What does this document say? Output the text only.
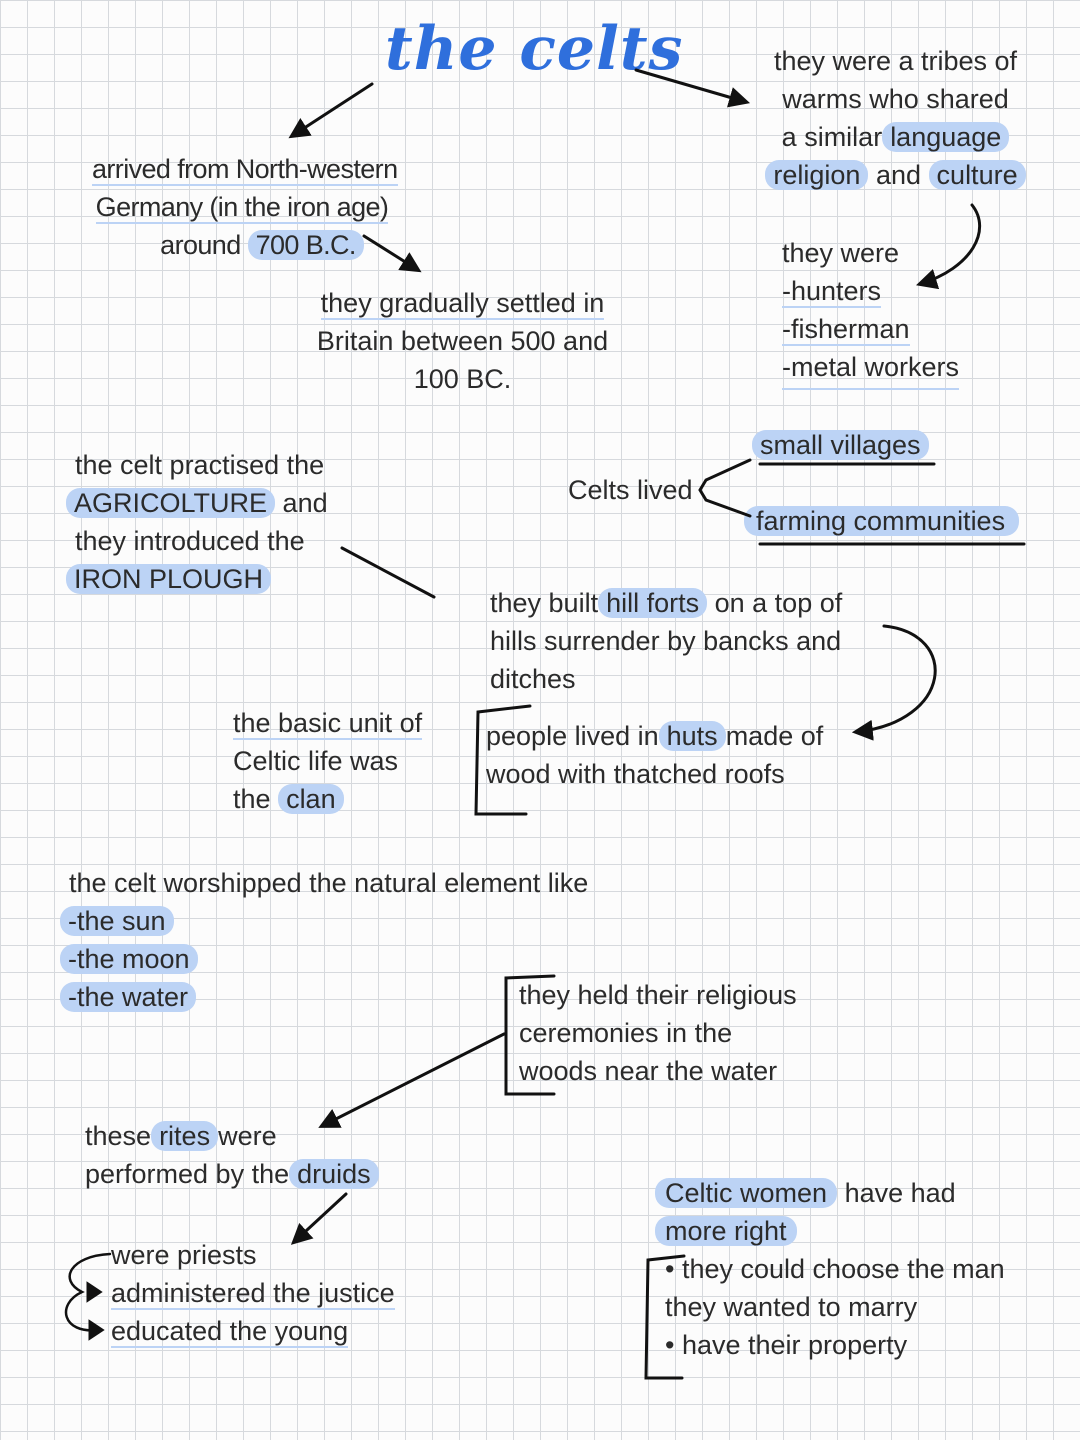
the celts
arrived from North-western
Germany (in the iron age)
around 700 B.C.
they gradually settled in
Britain between 500 and
100 BC.
they were a tribes of
warms who shared
a similar language
religion and culture
they were
-hunters
-fisherman
-metal workers
the celt practised the
AGRICOLTURE and
they introduced the
IRON PLOUGH
Celts lived
small villages
farming communities
they built hill forts on a top of
hills surrender by bancks and
ditches
the basic unit of
Celtic life was
the clan
people lived in huts made of
wood with thatched roofs
the celt worshipped the natural element like
-the sun
-the moon
-the water	they held their religious
ceremonies in the
woods near the water
these rites were
performed by the druids
were priests
administered the justice
educated the young
Celtic women have had
more right
• they could choose the man
they wanted to marry
• have their property
